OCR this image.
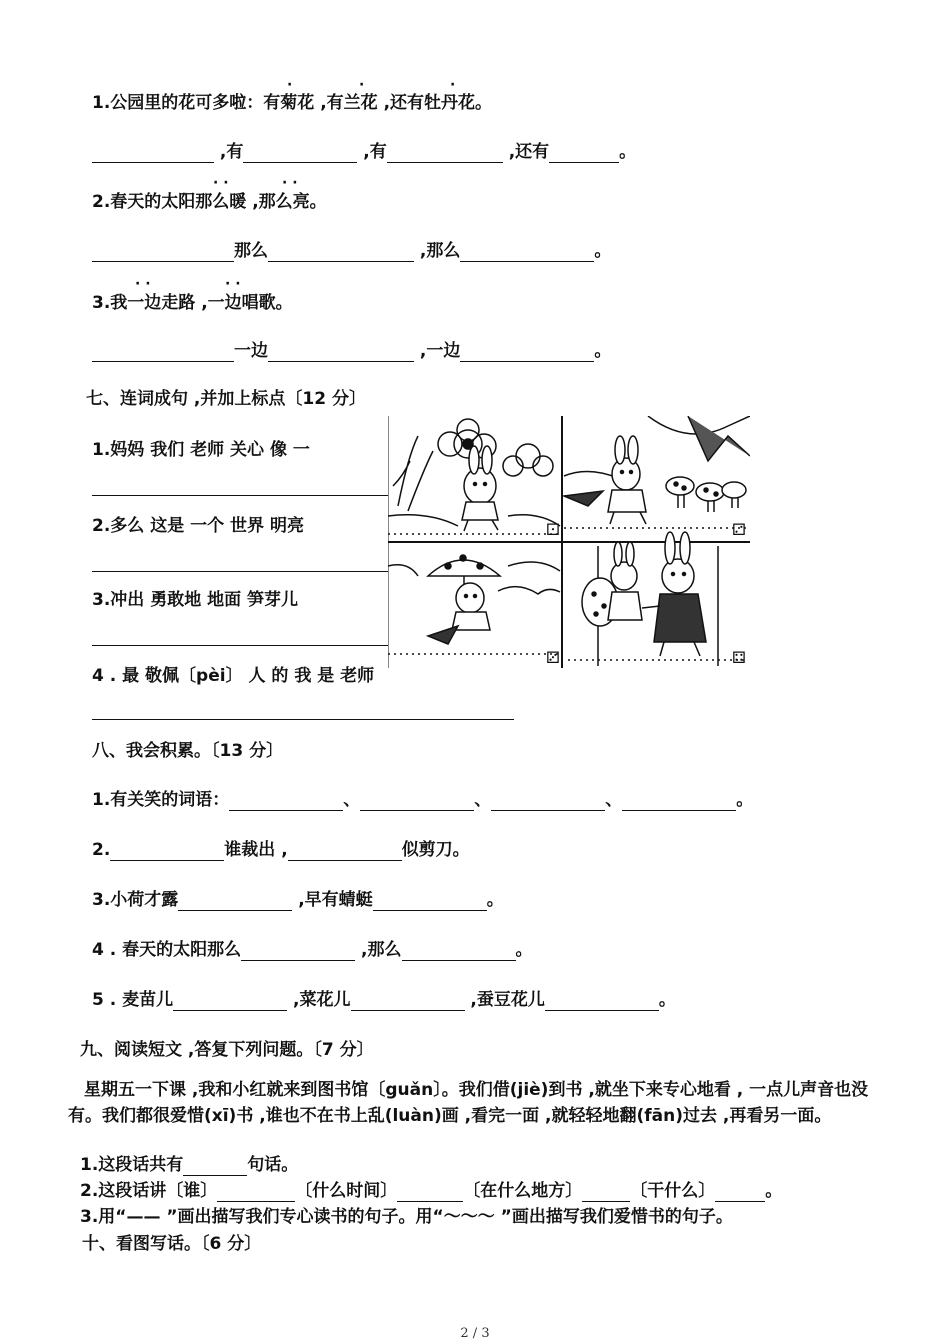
·	·	·
1.公园里的花可多啦：有菊花 ,有兰花 ,还有牡丹花。
,有	,有	,还有	。
· ·	· ·
2.春天的太阳那么暖 ,那么亮。
那么	,那么	。
· ·	· ·
3.我一边走路 ,一边唱歌。
一边	,一边	。
七、连词成句 ,并加上标点〔12 分〕
1.妈妈 我们 老师 关心 像 一
2.多么 这是 一个 世界 明亮
3.冲出 勇敢地 地面 笋芽儿
4 . 最 敬佩〔pèi〕 人 的 我 是 老师
⚀	⚁
⚂	⚃
八、我会积累。〔13 分〕
1.有关笑的词语：	、	、	、	。
2.	谁裁出 ,	似剪刀。
3.小荷才露	,早有蜻蜓	。
4 . 春天的太阳那么	,那么	。
5 . 麦苗儿	,菜花儿	,蚕豆花儿	。
九、阅读短文 ,答复下列问题。〔7 分〕
星期五一下课 ,我和小红就来到图书馆〔guǎn〕。我们借(jiè)到书 ,就坐下来专心地看 , 一点儿声音也没有。我们都很爱惜(xī)书 ,谁也不在书上乱(luàn)画 ,看完一面 ,就轻轻地翻(fān)过去 ,再看另一面。
1.这段话共有	句话。
2.这段话讲〔谁〕	〔什么时间〕	〔在什么地方〕	〔干什么〕	。
3.用“—— ”画出描写我们专心读书的句子。用“～～～ ”画出描写我们爱惜书的句子。
十、看图写话。〔6 分〕
2 / 3
